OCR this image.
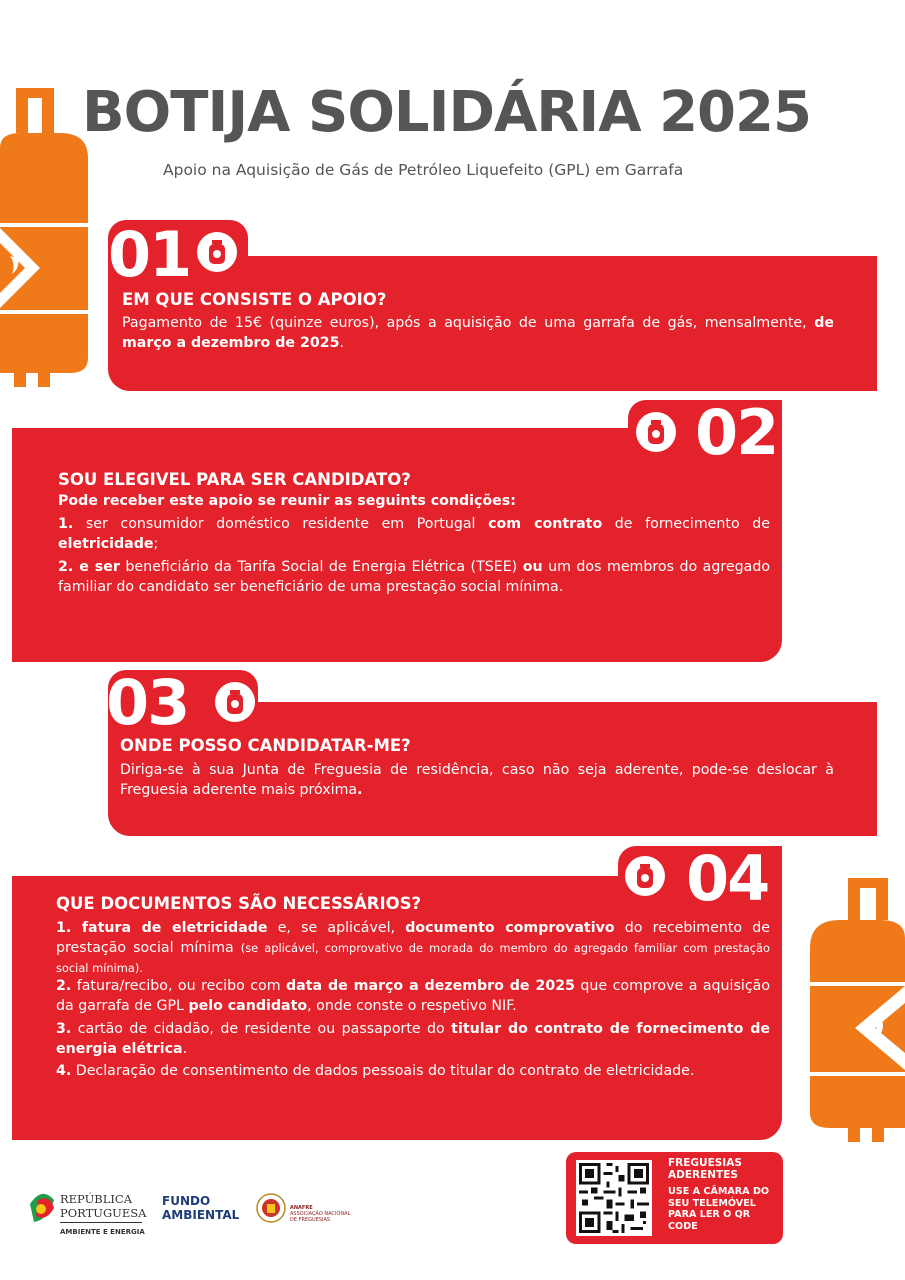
BOTIJA SOLIDÁRIA 2025
Apoio na Aquisição de Gás de Petróleo Liquefeito (GPL) em Garrafa
01
EM QUE CONSISTE O APOIO?
Pagamento de 15€ (quinze euros), após a aquisição de uma garrafa de gás, mensalmente, de março a dezembro de 2025.
02
SOU ELEGIVEL PARA SER CANDIDATO?
Pode receber este apoio se reunir as seguints condições:
1. ser consumidor doméstico residente em Portugal com contrato de fornecimento de eletricidade;
2. e ser beneficiário da Tarifa Social de Energia Elétrica (TSEE) ou um dos membros do agregado familiar do candidato ser beneficiário de uma prestação social mínima.
03
ONDE POSSO CANDIDATAR-ME?
Diriga-se à sua Junta de Freguesia de residência, caso não seja aderente, pode-se deslocar à Freguesia aderente mais próxima.
04
QUE DOCUMENTOS SÃO NECESSÁRIOS?
1. fatura de eletricidade e, se aplicável, documento comprovativo do recebimento de prestação social mínima (se aplicável, comprovativo de morada do membro do agregado familiar com prestação social mínima).
2. fatura/recibo, ou recibo com data de março a dezembro de 2025 que comprove a aquisição da garrafa de GPL pelo candidato, onde conste o respetivo NIF.
3. cartão de cidadão, de residente ou passaporte do titular do contrato de fornecimento de energia elétrica.
4. Declaração de consentimento de dados pessoais do titular do contrato de eletricidade.
REPÚBLICA
PORTUGUESA
AMBIENTE E ENERGIA
FUNDO
AMBIENTAL	ANAFRE
ASSOCIAÇÃO NACIONAL
DE FREGUESIAS
FREGUESIAS ADERENTES
USE A CÂMARA DO SEU TELEMÓVEL PARA LER O QR CODE
